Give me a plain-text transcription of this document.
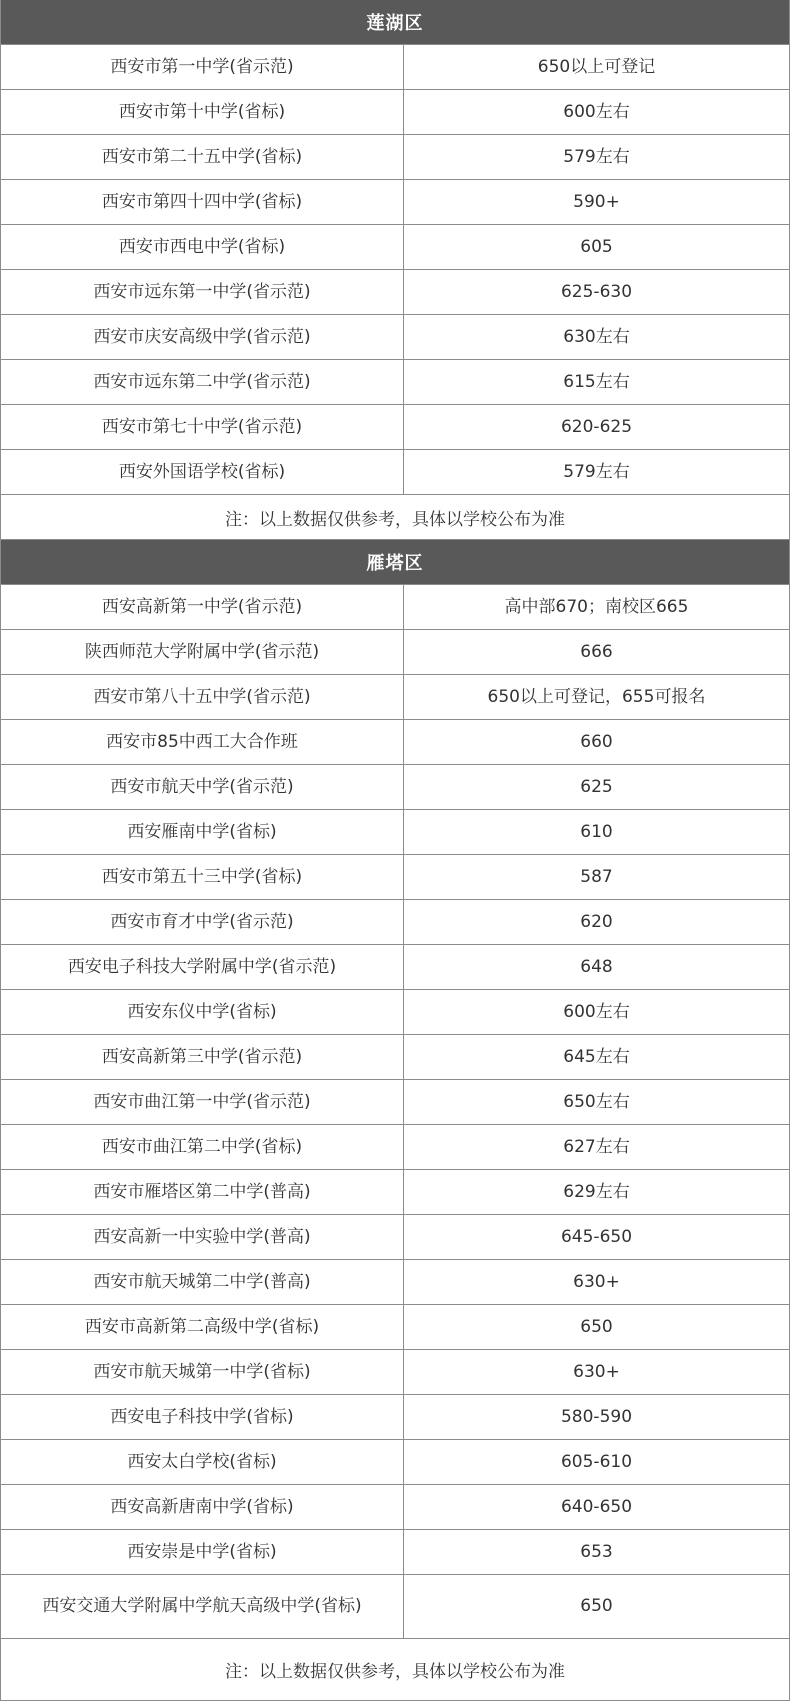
莲湖区
西安市第一中学(省示范)	650以上可登记
西安市第十中学(省标)	600左右
西安市第二十五中学(省标)	579左右
西安市第四十四中学(省标)	590+
西安市西电中学(省标)	605
西安市远东第一中学(省示范)	625-630
西安市庆安高级中学(省示范)	630左右
西安市远东第二中学(省示范)	615左右
西安市第七十中学(省示范)	620-625
西安外国语学校(省标)	579左右
注：以上数据仅供参考，具体以学校公布为准
雁塔区
西安高新第一中学(省示范)	高中部670；南校区665
陕西师范大学附属中学(省示范)	666
西安市第八十五中学(省示范)	650以上可登记，655可报名
西安市85中西工大合作班	660
西安市航天中学(省示范)	625
西安雁南中学(省标)	610
西安市第五十三中学(省标)	587
西安市育才中学(省示范)	620
西安电子科技大学附属中学(省示范)	648
西安东仪中学(省标)	600左右
西安高新第三中学(省示范)	645左右
西安市曲江第一中学(省示范)	650左右
西安市曲江第二中学(省标)	627左右
西安市雁塔区第二中学(普高)	629左右
西安高新一中实验中学(普高)	645-650
西安市航天城第二中学(普高)	630+
西安市高新第二高级中学(省标)	650
西安市航天城第一中学(省标)	630+
西安电子科技中学(省标)	580-590
西安太白学校(省标)	605-610
西安高新唐南中学(省标)	640-650
西安崇是中学(省标)	653
西安交通大学附属中学航天高级中学(省标)	650
注：以上数据仅供参考，具体以学校公布为准
